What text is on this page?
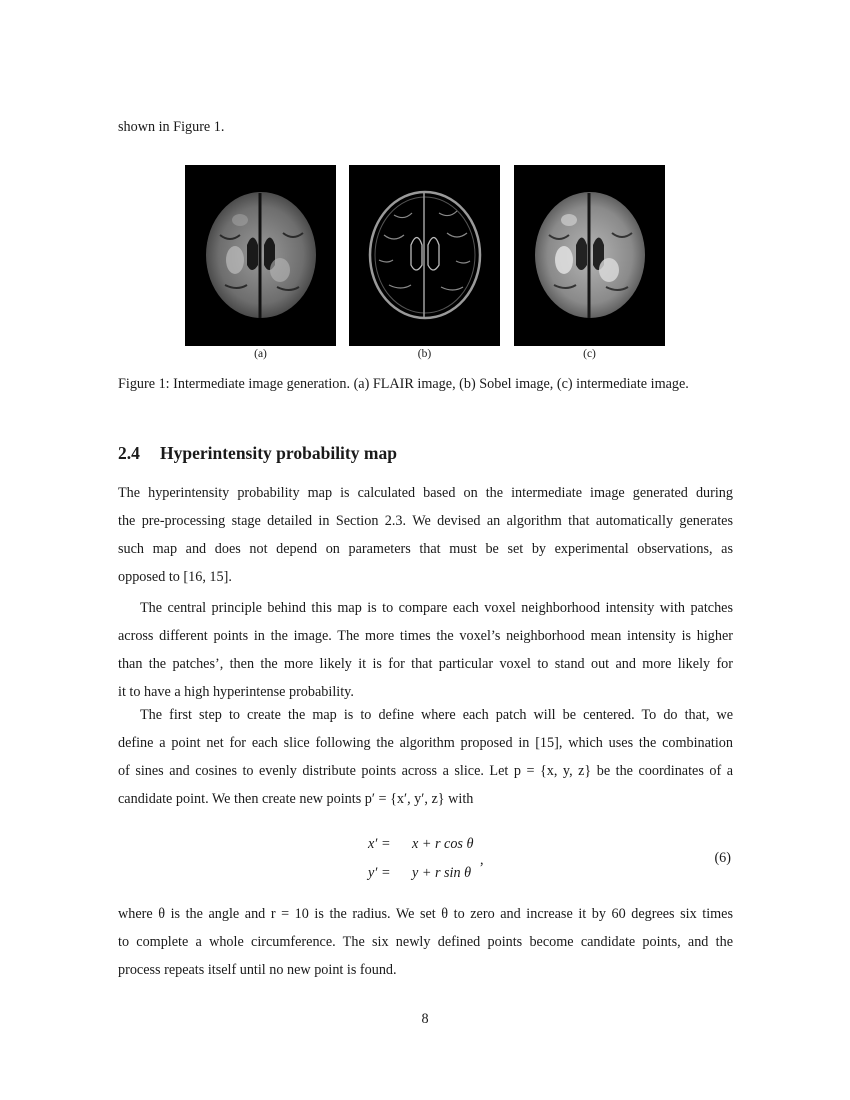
shown in Figure 1.
(a)	(b)	(c)
Figure 1: Intermediate image generation. (a) FLAIR image, (b) Sobel image, (c) intermediate image.
2.4 Hyperintensity probability map
The hyperintensity probability map is calculated based on the intermediate image generated during
the pre-processing stage detailed in Section 2.3. We devised an algorithm that automatically generates
such map and does not depend on parameters that must be set by experimental observations, as
opposed to [16, 15].
The central principle behind this map is to compare each voxel neighborhood intensity with patches
across different points in the image. The more times the voxel’s neighborhood mean intensity is higher
than the patches’, then the more likely it is for that particular voxel to stand out and more likely for
it to have a high hyperintense probability.
The first step to create the map is to define where each patch will be centered. To do that, we
define a point net for each slice following the algorithm proposed in [15], which uses the combination
of sines and cosines to evenly distribute points across a slice. Let p = {x, y, z} be the coordinates of a
candidate point. We then create new points p′ = {x′, y′, z} with
x′ = x + r cos θ
y′ = y + r sin θ
,	(6)
where θ is the angle and r = 10 is the radius. We set θ to zero and increase it by 60 degrees six times
to complete a whole circumference. The six newly defined points become candidate points, and the
process repeats itself until no new point is found.
8
